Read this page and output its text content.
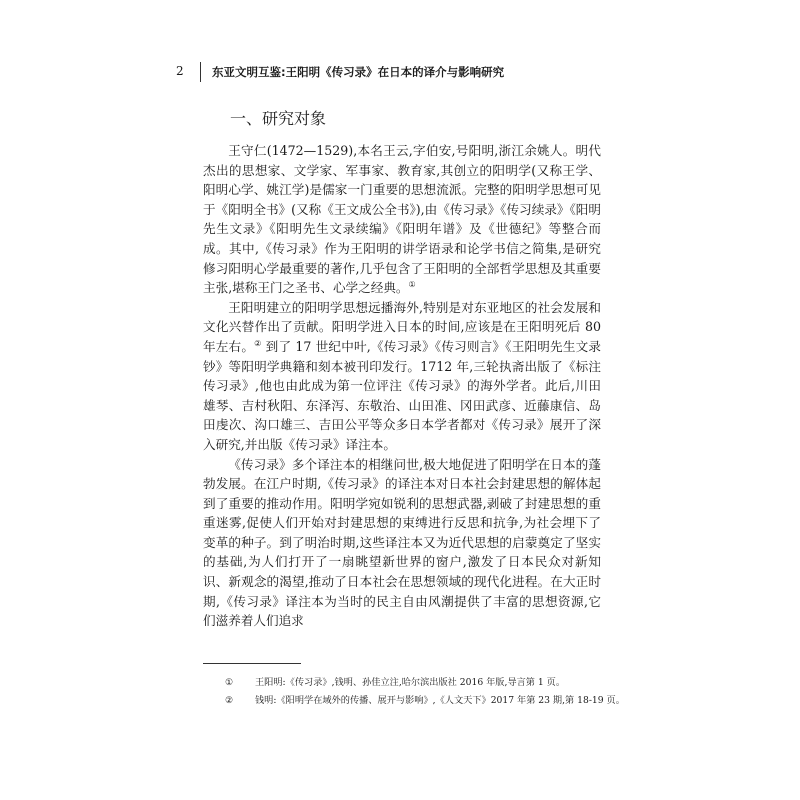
2 东亚文明互鉴:王阳明《传习录》在日本的译介与影响研究
一、研究对象

王守仁(1472—1529),本名王云,字伯安,号阳明,浙江余姚人。明代杰出的思想家、文学家、军事家、教育家,其创立的阳明学(又称王学、阳明心学、姚江学)是儒家一门重要的思想流派。完整的阳明学思想可见于《阳明全书》(又称《王文成公全书》),由《传习录》《传习续录》《阳明先生文录》《阳明先生文录续编》《阳明年谱》及《世德纪》等整合而成。其中,《传习录》作为王阳明的讲学语录和论学书信之简集,是研究修习阳明心学最重要的著作,几乎包含了王阳明的全部哲学思想及其重要主张,堪称王门之圣书、心学之经典。①

王阳明建立的阳明学思想远播海外,特别是对东亚地区的社会发展和文化兴替作出了贡献。阳明学进入日本的时间,应该是在王阳明死后 80 年左右。② 到了 17 世纪中叶,《传习录》《传习则言》《王阳明先生文录钞》等阳明学典籍和刻本被刊印发行。1712 年,三轮执斋出版了《标注传习录》,他也由此成为第一位评注《传习录》的海外学者。此后,川田雄琴、吉村秋阳、东泽泻、东敬治、山田准、冈田武彦、近藤康信、岛田虔次、沟口雄三、吉田公平等众多日本学者都对《传习录》展开了深入研究,并出版《传习录》译注本。

《传习录》多个译注本的相继问世,极大地促进了阳明学在日本的蓬勃发展。在江户时期,《传习录》的译注本对日本社会封建思想的解体起到了重要的推动作用。阳明学宛如锐利的思想武器,剥破了封建思想的重重迷雾,促使人们开始对封建思想的束缚进行反思和抗争,为社会埋下了变革的种子。到了明治时期,这些译注本又为近代思想的启蒙奠定了坚实的基础,为人们打开了一扇眺望新世界的窗户,激发了日本民众对新知识、新观念的渴望,推动了日本社会在思想领域的现代化进程。在大正时期,《传习录》译注本为当时的民主自由风潮提供了丰富的思想资源,它们滋养着人们追求

①	王阳明:《传习录》,钱明、孙佳立注,哈尔滨出版社 2016 年版,导言第 1 页。
②	钱明:《阳明学在域外的传播、展开与影响》,《人文天下》2017 年第 23 期,第 18-19 页。
